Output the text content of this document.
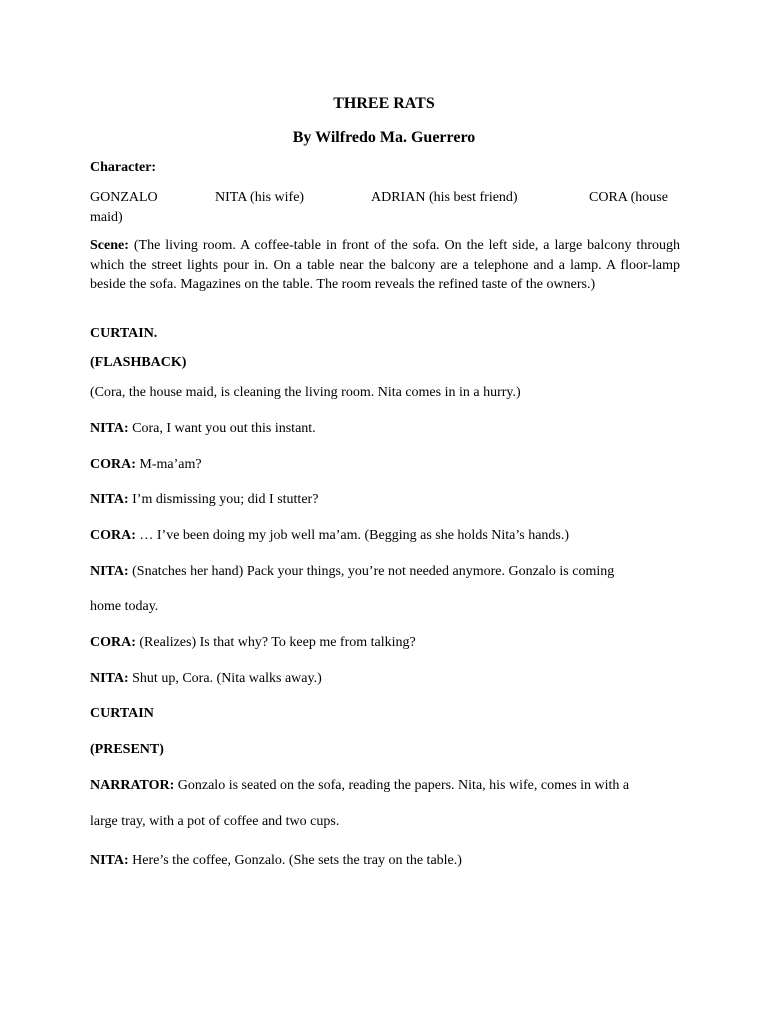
THREE RATS
By Wilfredo Ma. Guerrero
Character:
GONZALO	NITA (his wife)	ADRIAN (his best friend)	CORA (house
maid)
Scene: (The living room. A coffee-table in front of the sofa. On the left side, a large balcony through which the street lights pour in. On a table near the balcony are a telephone and a lamp. A floor-lamp beside the sofa. Magazines on the table. The room reveals the refined taste of the owners.)
CURTAIN.
(FLASHBACK)
(Cora, the house maid, is cleaning the living room. Nita comes in in a hurry.)
NITA: Cora, I want you out this instant.
CORA: M-ma’am?
NITA: I’m dismissing you; did I stutter?
CORA: … I’ve been doing my job well ma’am. (Begging as she holds Nita’s hands.)
NITA: (Snatches her hand) Pack your things, you’re not needed anymore. Gonzalo is coming
home today.
CORA: (Realizes) Is that why? To keep me from talking?
NITA: Shut up, Cora. (Nita walks away.)
CURTAIN
(PRESENT)
NARRATOR: Gonzalo is seated on the sofa, reading the papers. Nita, his wife, comes in with a
large tray, with a pot of coffee and two cups.
NITA: Here’s the coffee, Gonzalo. (She sets the tray on the table.)
